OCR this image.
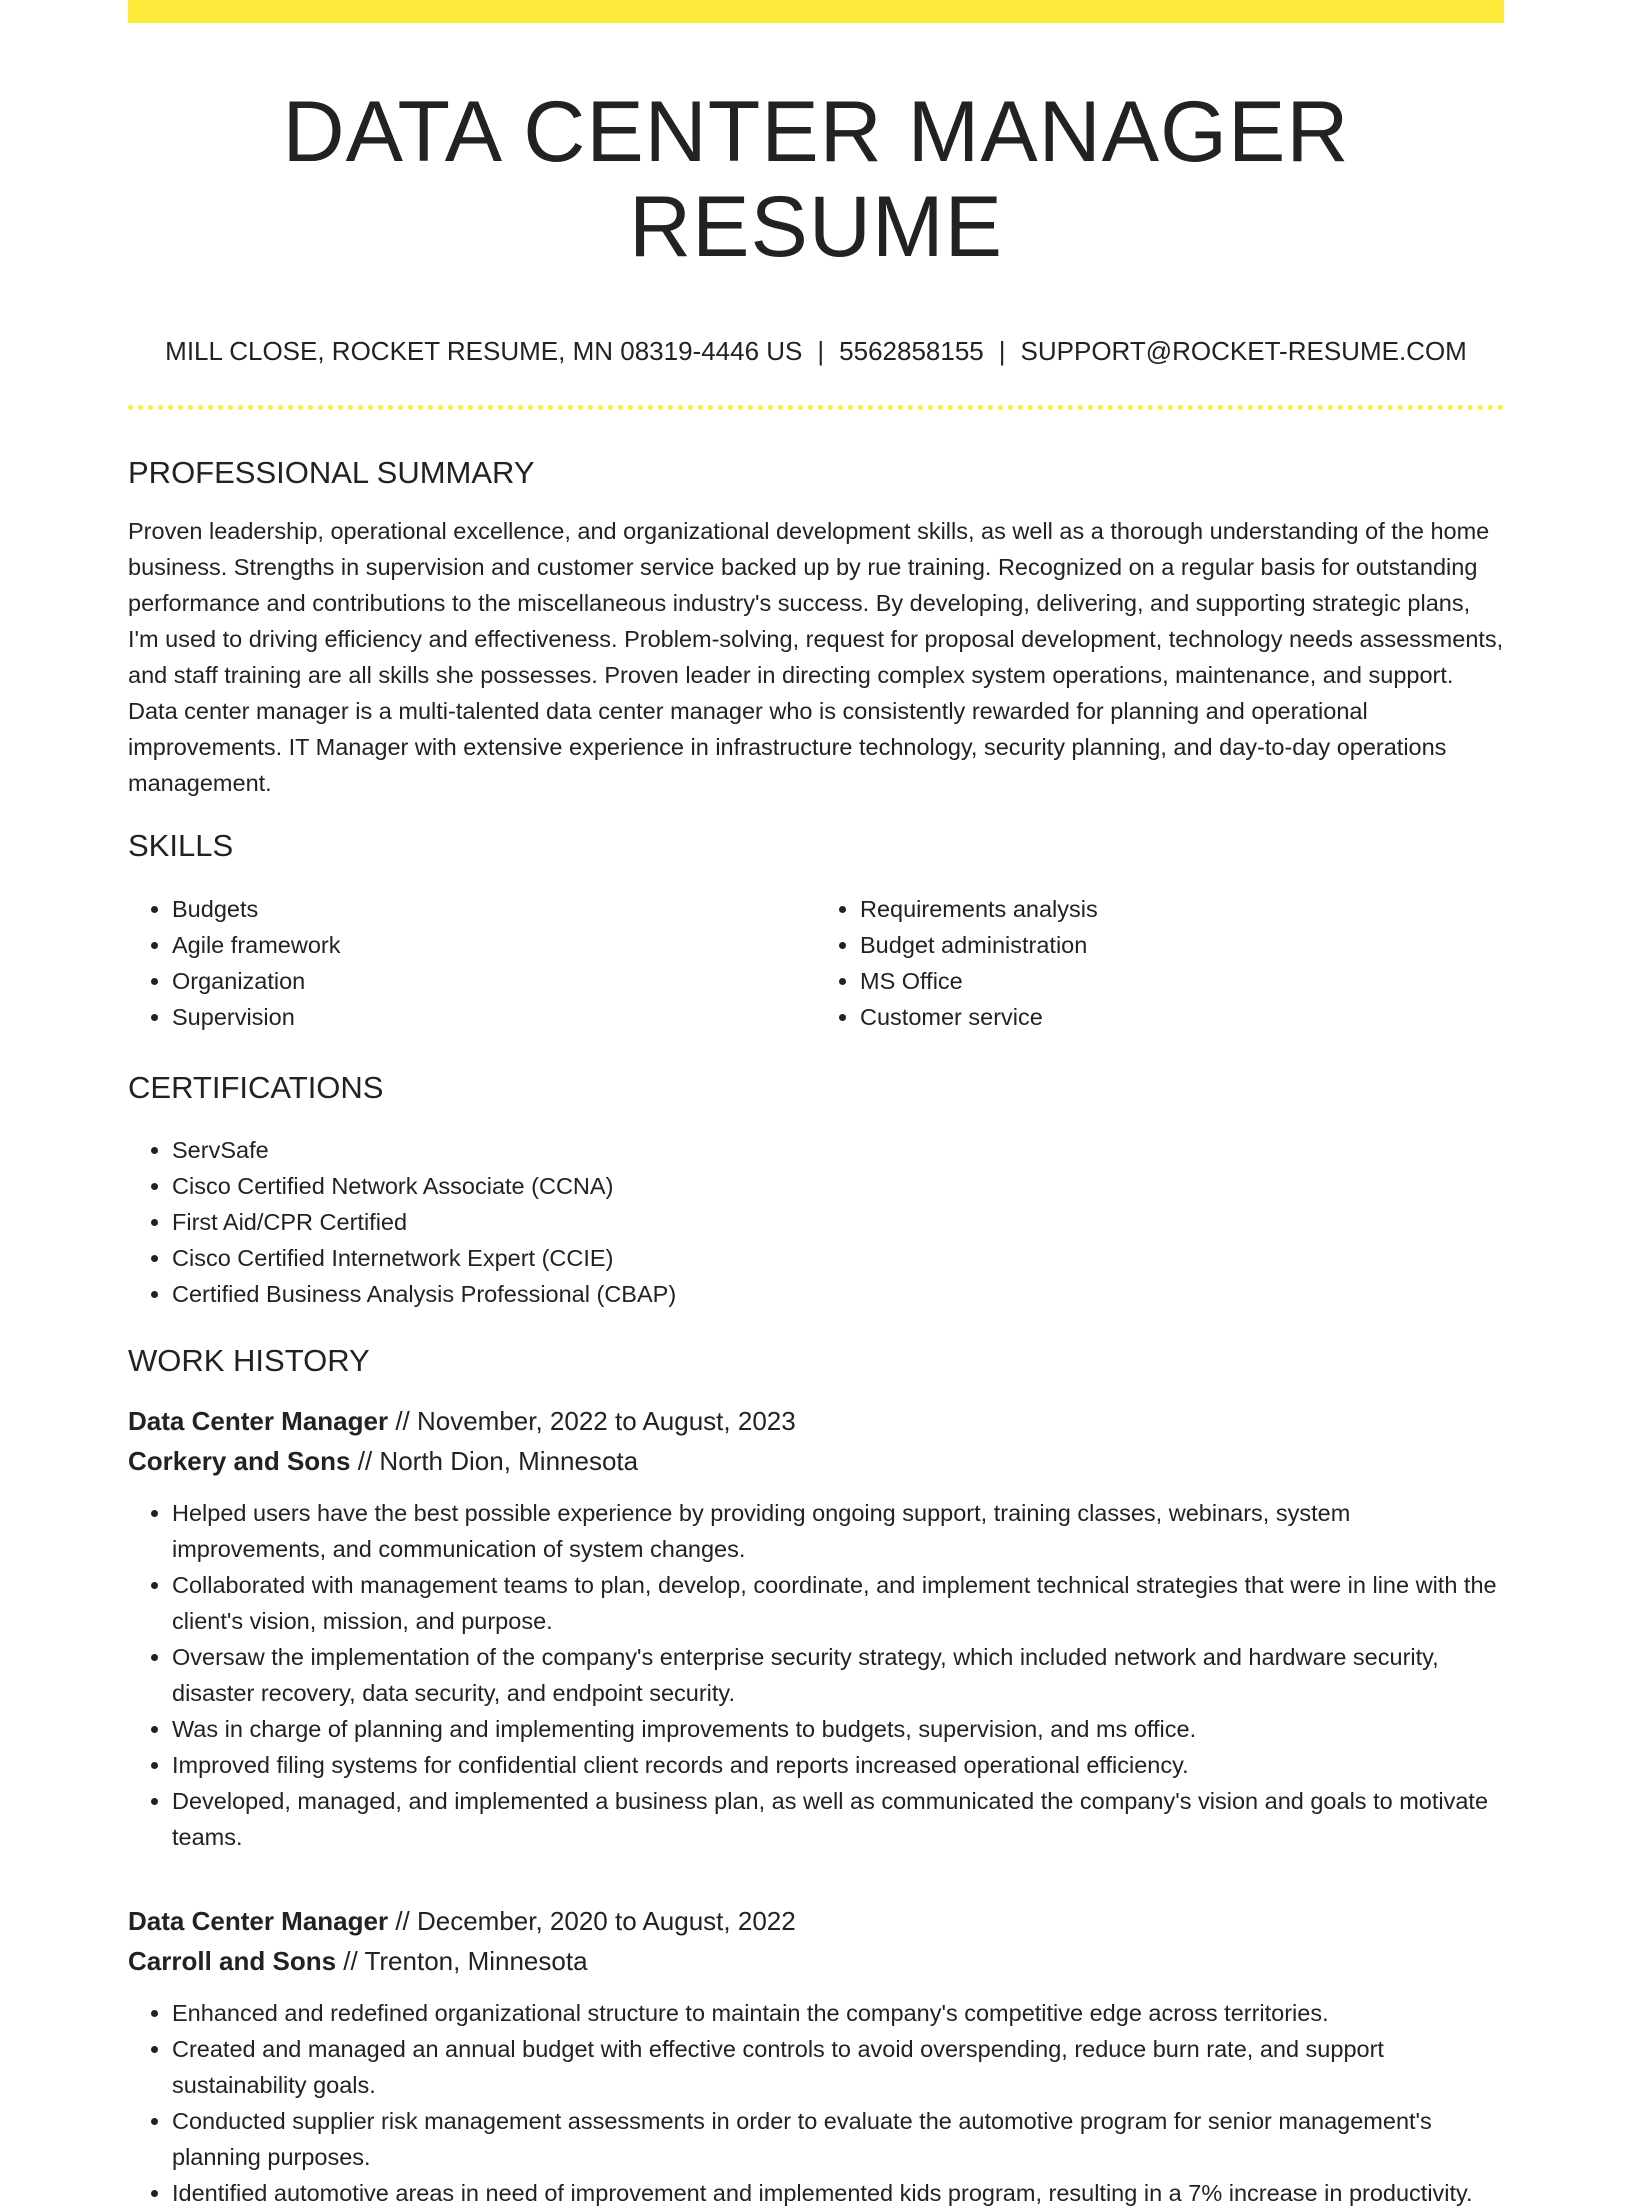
DATA CENTER MANAGER RESUME
MILL CLOSE, ROCKET RESUME, MN 08319-4446 US | 5562858155 | SUPPORT@ROCKET-RESUME.COM
PROFESSIONAL SUMMARY

Proven leadership, operational excellence, and organizational development skills, as well as a thorough understanding of the home business. Strengths in supervision and customer service backed up by rue training. Recognized on a regular basis for outstanding performance and contributions to the miscellaneous industry's success. By developing, delivering, and supporting strategic plans, I'm used to driving efficiency and effectiveness. Problem-solving, request for proposal development, technology needs assessments, and staff training are all skills she possesses. Proven leader in directing complex system operations, maintenance, and support. Data center manager is a multi-talented data center manager who is consistently rewarded for planning and operational improvements. IT Manager with extensive experience in infrastructure technology, security planning, and day-to-day operations management.

SKILLS
• Budgets
• Agile framework
• Organization
• Supervision
• Requirements analysis
• Budget administration
• MS Office
• Customer service
CERTIFICATIONS
• ServSafe
• Cisco Certified Network Associate (CCNA)
• First Aid/CPR Certified
• Cisco Certified Internetwork Expert (CCIE)
• Certified Business Analysis Professional (CBAP)
WORK HISTORY
Data Center Manager // November, 2022 to August, 2023
Corkery and Sons // North Dion, Minnesota
• Helped users have the best possible experience by providing ongoing support, training classes, webinars, system improvements, and communication of system changes.
• Collaborated with management teams to plan, develop, coordinate, and implement technical strategies that were in line with the client's vision, mission, and purpose.
• Oversaw the implementation of the company's enterprise security strategy, which included network and hardware security, disaster recovery, data security, and endpoint security.
• Was in charge of planning and implementing improvements to budgets, supervision, and ms office.
• Improved filing systems for confidential client records and reports increased operational efficiency.
• Developed, managed, and implemented a business plan, as well as communicated the company's vision and goals to motivate teams.
Data Center Manager // December, 2020 to August, 2022
Carroll and Sons // Trenton, Minnesota
• Enhanced and redefined organizational structure to maintain the company's competitive edge across territories.
• Created and managed an annual budget with effective controls to avoid overspending, reduce burn rate, and support sustainability goals.
• Conducted supplier risk management assessments in order to evaluate the automotive program for senior management's planning purposes.
• Identified automotive areas in need of improvement and implemented kids program, resulting in a 7% increase in productivity.
